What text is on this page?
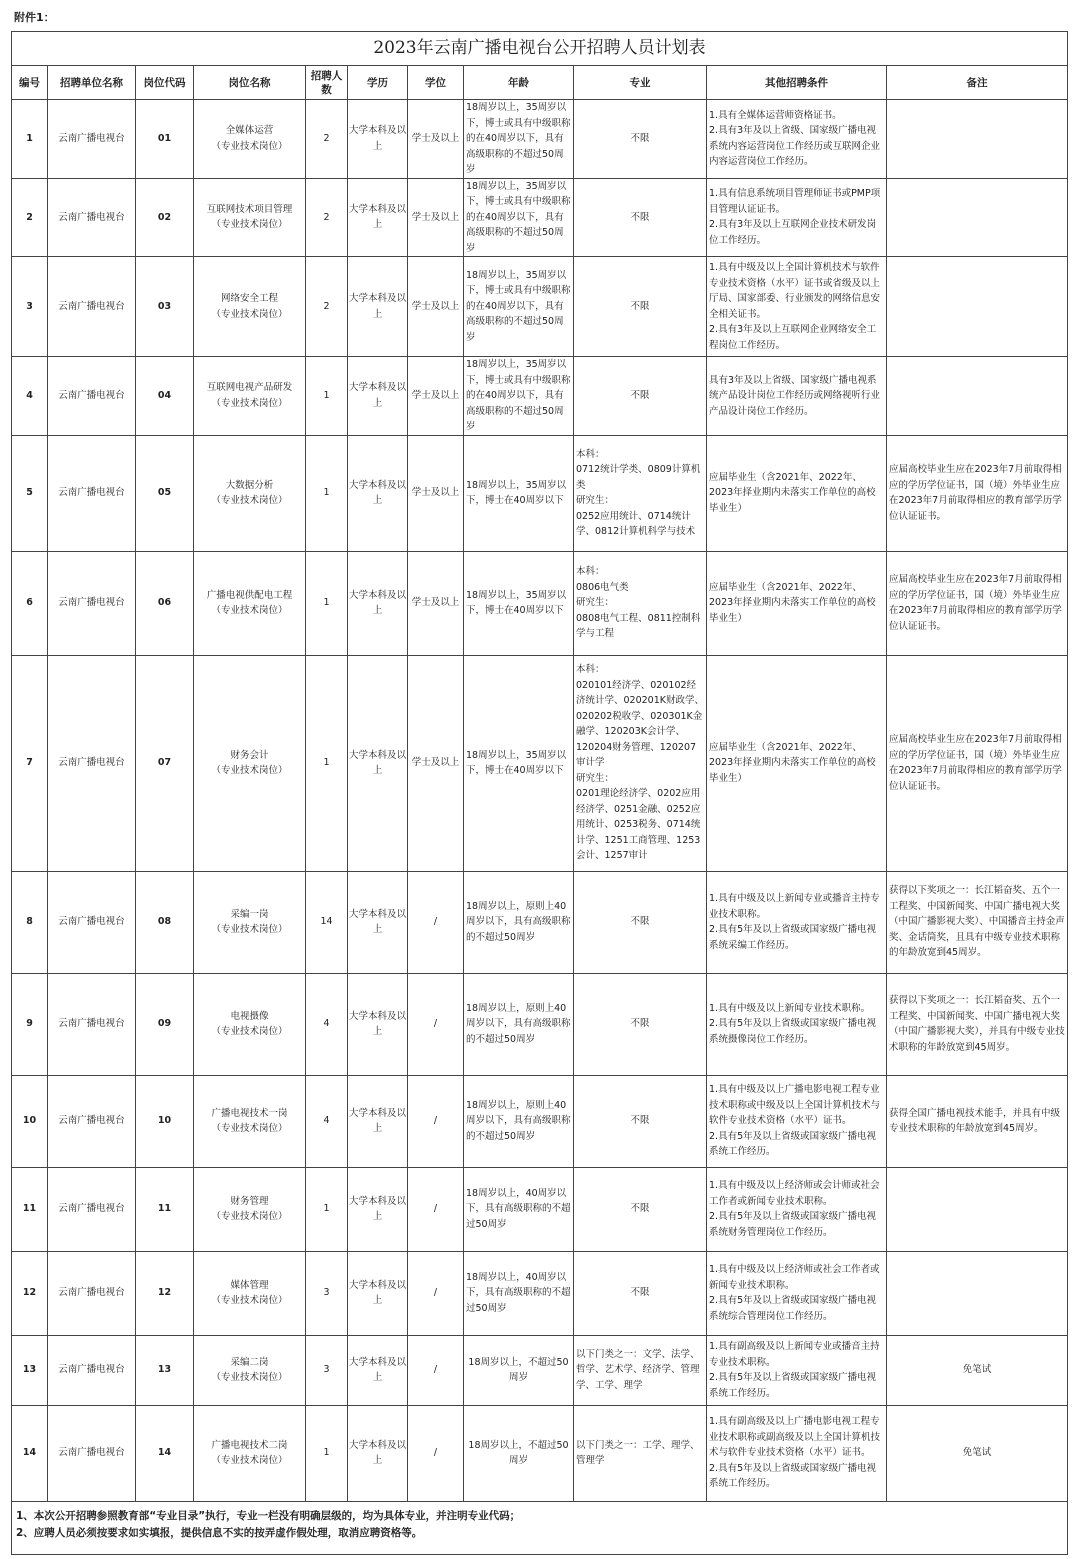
附件1：
2023年云南广播电视台公开招聘人员计划表										
编号	招聘单位名称	岗位代码	岗位名称	招聘人数	学历	学位	年龄	专业	其他招聘条件	备注
1	云南广播电视台	01	全媒体运营
（专业技术岗位）	2	大学本科及以上	学士及以上	18周岁以上，35周岁以下，博士或具有中级职称的在40周岁以下，具有高级职称的不超过50周岁	不限	1.具有全媒体运营师资格证书。
2.具有3年及以上省级、国家级广播电视系统内容运营岗位工作经历或互联网企业内容运营岗位工作经历。	
2	云南广播电视台	02	互联网技术项目管理
（专业技术岗位）	2	大学本科及以上	学士及以上	18周岁以上，35周岁以下，博士或具有中级职称的在40周岁以下，具有高级职称的不超过50周岁	不限	1.具有信息系统项目管理师证书或PMP项目管理认证证书。
2.具有3年及以上互联网企业技术研发岗位工作经历。	
3	云南广播电视台	03	网络安全工程
（专业技术岗位）	2	大学本科及以上	学士及以上	18周岁以上，35周岁以下，博士或具有中级职称的在40周岁以下，具有高级职称的不超过50周岁	不限	1.具有中级及以上全国计算机技术与软件专业技术资格（水平）证书或省级及以上厅局、国家部委、行业颁发的网络信息安全相关证书。
2.具有3年及以上互联网企业网络安全工程岗位工作经历。	
4	云南广播电视台	04	互联网电视产品研发
（专业技术岗位）	1	大学本科及以上	学士及以上	18周岁以上，35周岁以下，博士或具有中级职称的在40周岁以下，具有高级职称的不超过50周岁	不限	具有3年及以上省级、国家级广播电视系统产品设计岗位工作经历或网络视听行业产品设计岗位工作经历。	
5	云南广播电视台	05	大数据分析
（专业技术岗位）	1	大学本科及以上	学士及以上	18周岁以上，35周岁以下，博士在40周岁以下	本科：
0712统计学类、0809计算机类
研究生：
0252应用统计、0714统计学、0812计算机科学与技术	应届毕业生（含2021年、2022年、2023年择业期内未落实工作单位的高校毕业生）	应届高校毕业生应在2023年7月前取得相应的学历学位证书，国（境）外毕业生应在2023年7月前取得相应的教育部学历学位认证证书。
6	云南广播电视台	06	广播电视供配电工程
（专业技术岗位）	1	大学本科及以上	学士及以上	18周岁以上，35周岁以下，博士在40周岁以下	本科：
0806电气类
研究生：
0808电气工程、0811控制科学与工程	应届毕业生（含2021年、2022年、2023年择业期内未落实工作单位的高校毕业生）	应届高校毕业生应在2023年7月前取得相应的学历学位证书，国（境）外毕业生应在2023年7月前取得相应的教育部学历学位认证证书。
7	云南广播电视台	07	财务会计
（专业技术岗位）	1	大学本科及以上	学士及以上	18周岁以上，35周岁以下，博士在40周岁以下	本科：
020101经济学、020102经济统计学、020201K财政学、020202税收学、020301K金融学、120203K会计学、120204财务管理、120207审计学
研究生：
0201理论经济学、0202应用经济学、0251金融、0252应用统计、0253税务、0714统计学、1251工商管理、1253会计、1257审计	应届毕业生（含2021年、2022年、2023年择业期内未落实工作单位的高校毕业生）	应届高校毕业生应在2023年7月前取得相应的学历学位证书，国（境）外毕业生应在2023年7月前取得相应的教育部学历学位认证证书。
8	云南广播电视台	08	采编一岗
（专业技术岗位）	14	大学本科及以上	/	18周岁以上，原则上40周岁以下，具有高级职称的不超过50周岁	不限	1.具有中级及以上新闻专业或播音主持专业技术职称。
2.具有5年及以上省级或国家级广播电视系统采编工作经历。	获得以下奖项之一：长江韬奋奖、五个一工程奖、中国新闻奖、中国广播电视大奖（中国广播影视大奖）、中国播音主持金声奖、金话筒奖，且具有中级专业技术职称的年龄放宽到45周岁。
9	云南广播电视台	09	电视摄像
（专业技术岗位）	4	大学本科及以上	/	18周岁以上，原则上40周岁以下，具有高级职称的不超过50周岁	不限	1.具有中级及以上新闻专业技术职称。
2.具有5年及以上省级或国家级广播电视系统摄像岗位工作经历。	获得以下奖项之一：长江韬奋奖、五个一工程奖、中国新闻奖、中国广播电视大奖（中国广播影视大奖），并具有中级专业技术职称的年龄放宽到45周岁。
10	云南广播电视台	10	广播电视技术一岗
（专业技术岗位）	4	大学本科及以上	/	18周岁以上，原则上40周岁以下，具有高级职称的不超过50周岁	不限	1.具有中级及以上广播电影电视工程专业技术职称或中级及以上全国计算机技术与软件专业技术资格（水平）证书。
2.具有5年及以上省级或国家级广播电视系统工作经历。	获得全国广播电视技术能手，并具有中级专业技术职称的年龄放宽到45周岁。
11	云南广播电视台	11	财务管理
（专业技术岗位）	1	大学本科及以上	/	18周岁以上，40周岁以下，具有高级职称的不超过50周岁	不限	1.具有中级及以上经济师或会计师或社会工作者或新闻专业技术职称。
2.具有5年及以上省级或国家级广播电视系统财务管理岗位工作经历。	
12	云南广播电视台	12	媒体管理
（专业技术岗位）	3	大学本科及以上	/	18周岁以上，40周岁以下，具有高级职称的不超过50周岁	不限	1.具有中级及以上经济师或社会工作者或新闻专业技术职称。
2.具有5年及以上省级或国家级广播电视系统综合管理岗位工作经历。	
13	云南广播电视台	13	采编二岗
（专业技术岗位）	3	大学本科及以上	/	18周岁以上，不超过50周岁	以下门类之一：文学、法学、哲学、艺术学、经济学、管理学、工学、理学	1.具有副高级及以上新闻专业或播音主持专业技术职称。
2.具有5年及以上省级或国家级广播电视系统工作经历。	免笔试
14	云南广播电视台	14	广播电视技术二岗
（专业技术岗位）	1	大学本科及以上	/	18周岁以上，不超过50周岁	以下门类之一：工学、理学、管理学	1.具有副高级及以上广播电影电视工程专业技术职称或副高级及以上全国计算机技术与软件专业技术资格（水平）证书。
2.具有5年及以上省级或国家级广播电视系统工作经历。	免笔试

1、本次公开招聘参照教育部“专业目录”执行，专业一栏没有明确层级的，均为具体专业，并注明专业代码；
2、应聘人员必须按要求如实填报，提供信息不实的按弄虚作假处理，取消应聘资格等。										
